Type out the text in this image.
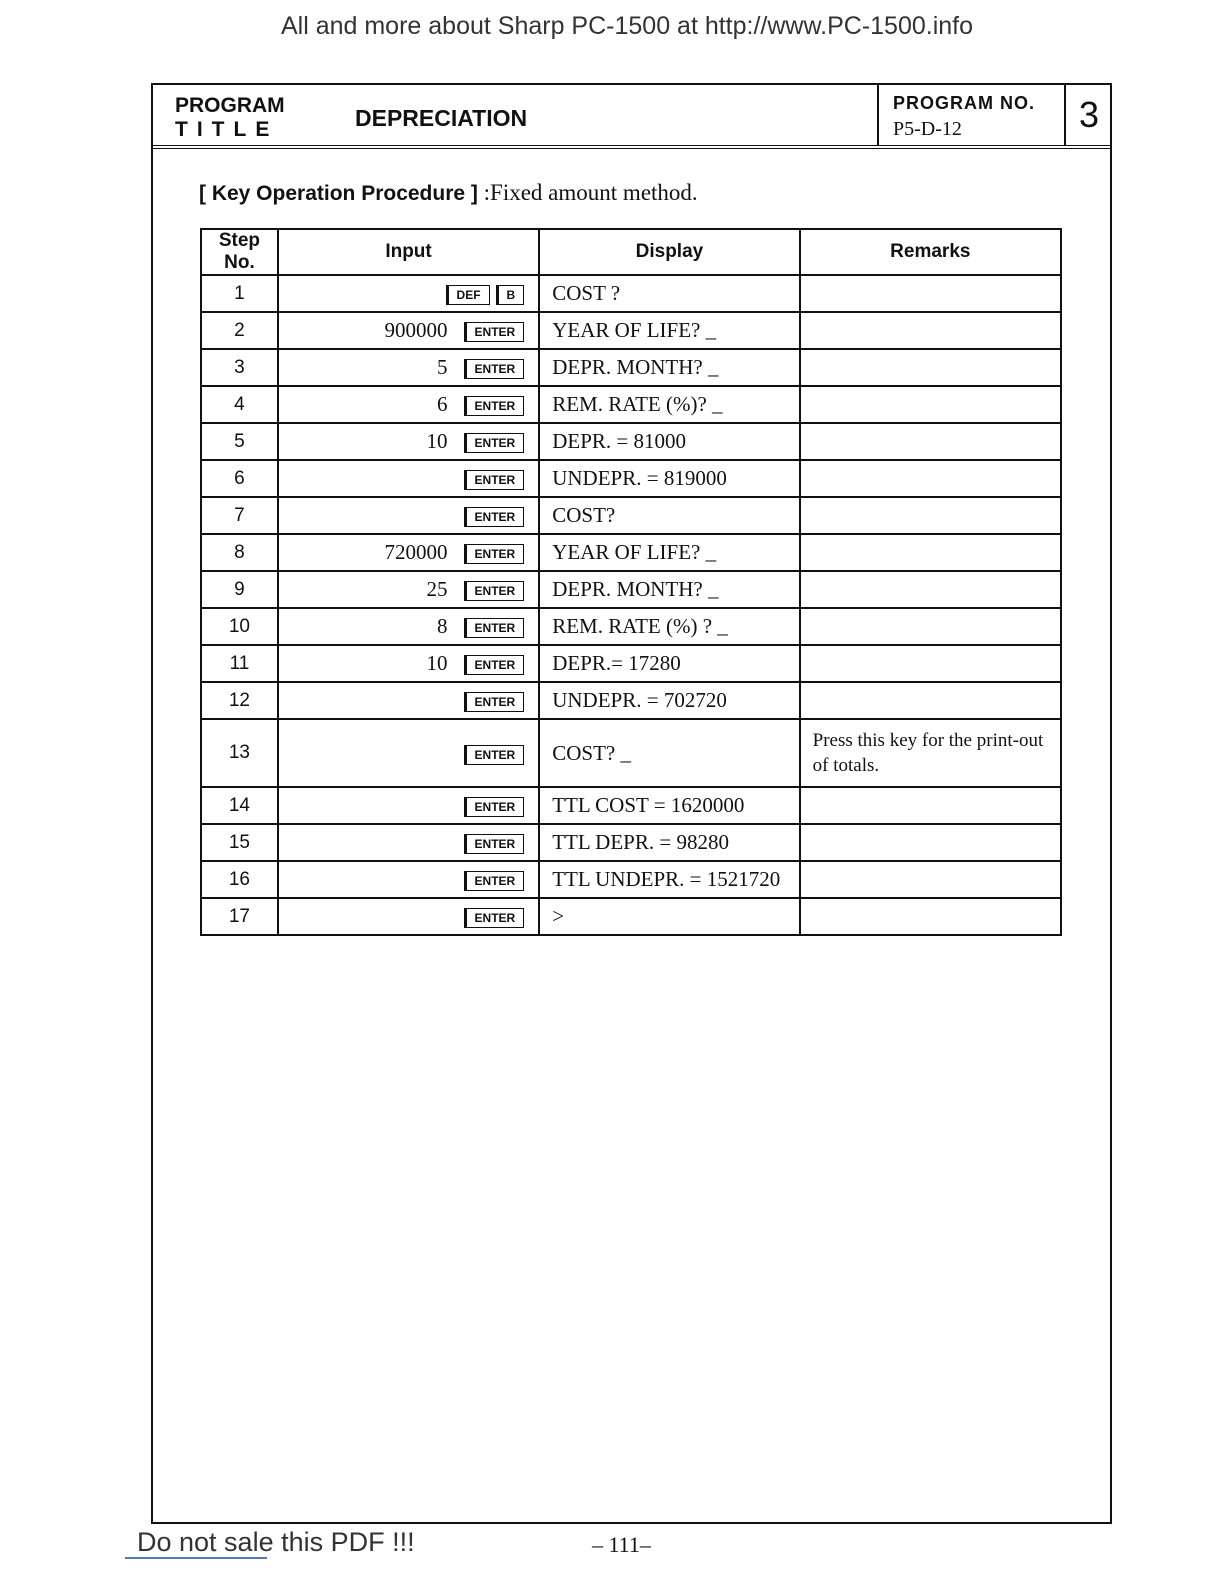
All and more about Sharp PC-1500 at http://www.PC-1500.info
PROGRAM
TITLE	DEPRECIATION
PROGRAM NO.
P5-D-12	3
[ Key Operation Procedure ] :Fixed amount method.
Step No.	Input	Display	Remarks
1	DEF B	COST ?	
2	900000 ENTER	YEAR OF LIFE? _	
3	5 ENTER	DEPR. MONTH? _	
4	6 ENTER	REM. RATE (%)? _	
5	10 ENTER	DEPR. = 81000	
6	ENTER	UNDEPR. = 819000	
7	ENTER	COST?	
8	720000 ENTER	YEAR OF LIFE? _	
9	25 ENTER	DEPR. MONTH? _	
10	8 ENTER	REM. RATE (%) ? _	
11	10 ENTER	DEPR.= 17280	
12	ENTER	UNDEPR. = 702720	
13	ENTER	COST? _	Press this key for the print-out of totals.
14	ENTER	TTL COST = 1620000	
15	ENTER	TTL DEPR. = 98280	
16	ENTER	TTL UNDEPR. = 1521720	
17	ENTER	>	
Do not sale this PDF !!!	– 111–
